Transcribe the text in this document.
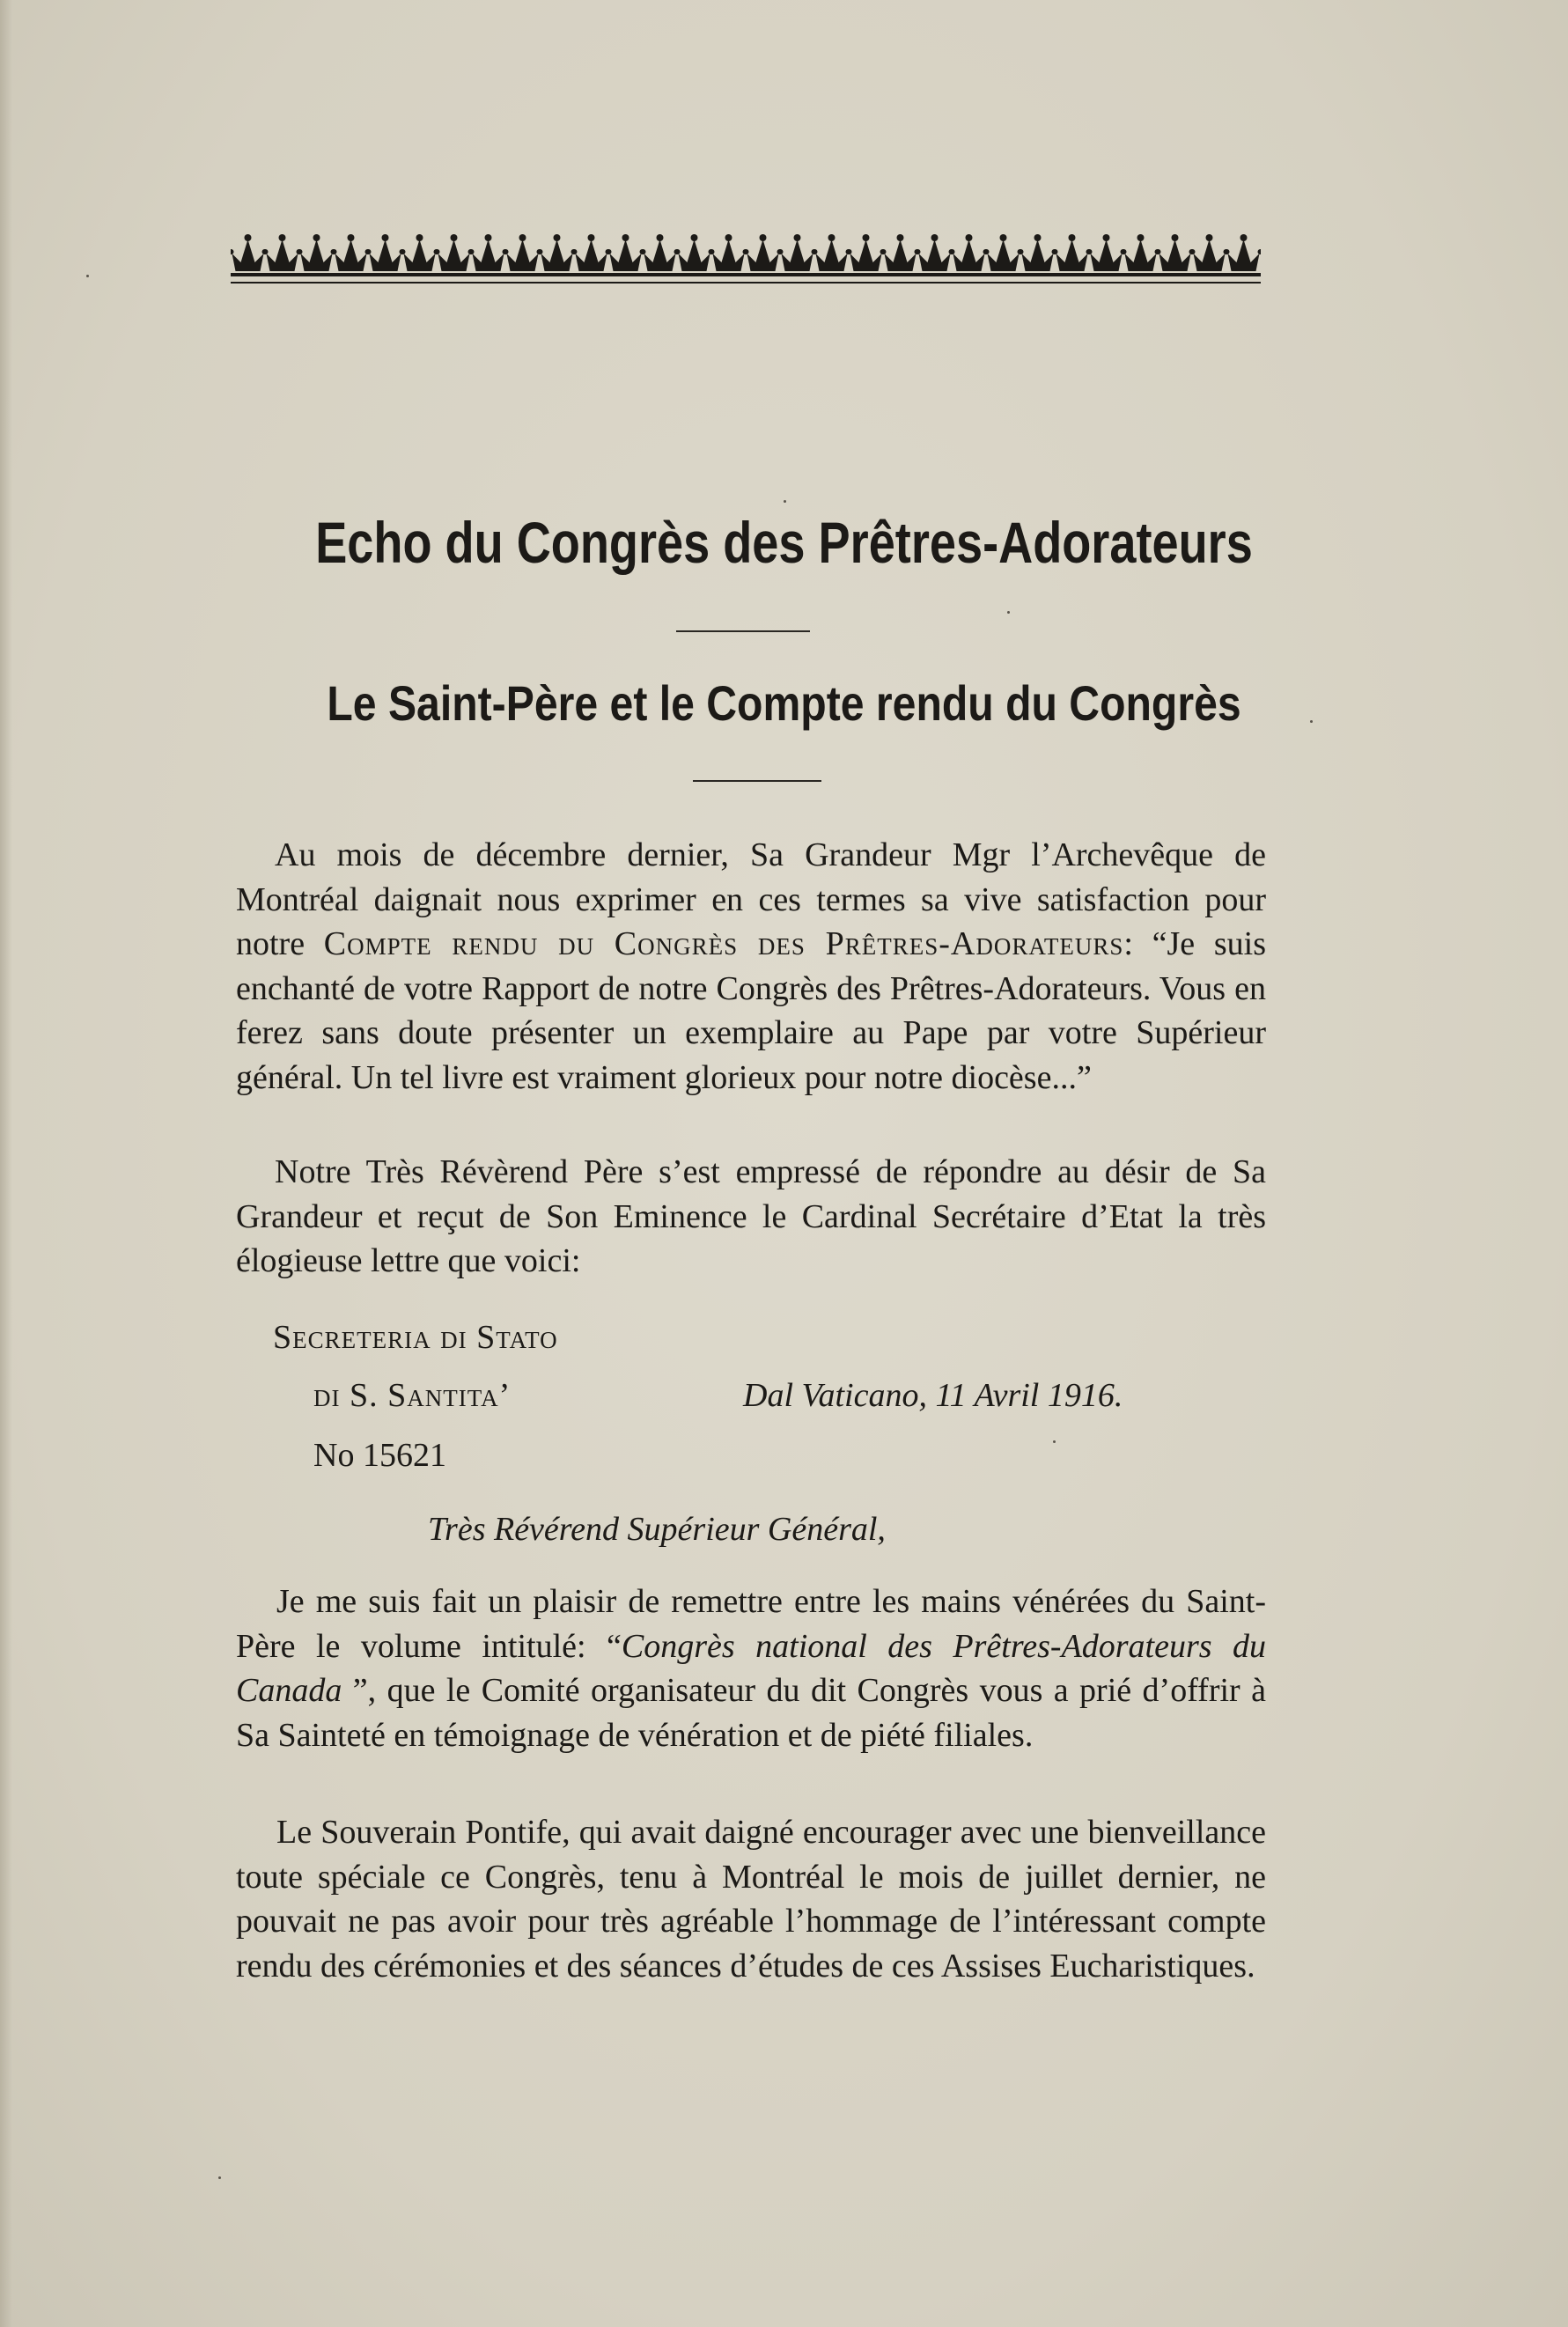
Echo du Congrès des Prêtres-Adorateurs
Le Saint-Père et le Compte rendu du Congrès
Au mois de décembre dernier, Sa Grandeur Mgr l’Archevêque de Montréal daignait nous exprimer en ces termes sa vive satisfaction pour notre Compte rendu du Congrès des Prêtres-Adorateurs: “Je suis enchanté de votre Rapport de notre Congrès des Prêtres-Adorateurs. Vous en ferez sans doute présenter un exemplaire au Pape par votre Supérieur général. Un tel livre est vraiment glorieux pour notre diocèse...”
Notre Très Révèrend Père s’est empressé de répondre au désir de Sa Grandeur et reçut de Son Eminence le Cardinal Secrétaire d’Etat la très élogieuse lettre que voici:
Secreteria di Stato
di S. Santita’
No 15621
Dal Vaticano, 11 Avril 1916.
Très Révérend Supérieur Général,
Je me suis fait un plaisir de remettre entre les mains vénérées du Saint-Père le volume intitulé: “Congrès national des Prêtres-Adorateurs du Canada ”, que le Comité organisateur du dit Congrès vous a prié d’offrir à Sa Sainteté en témoignage de vénération et de piété filiales.
Le Souverain Pontife, qui avait daigné encourager avec une bienveillance toute spéciale ce Congrès, tenu à Montréal le mois de juillet dernier, ne pouvait ne pas avoir pour très agréable l’hommage de l’intéressant compte rendu des cérémonies et des séances d’études de ces Assises Eucharistiques.
